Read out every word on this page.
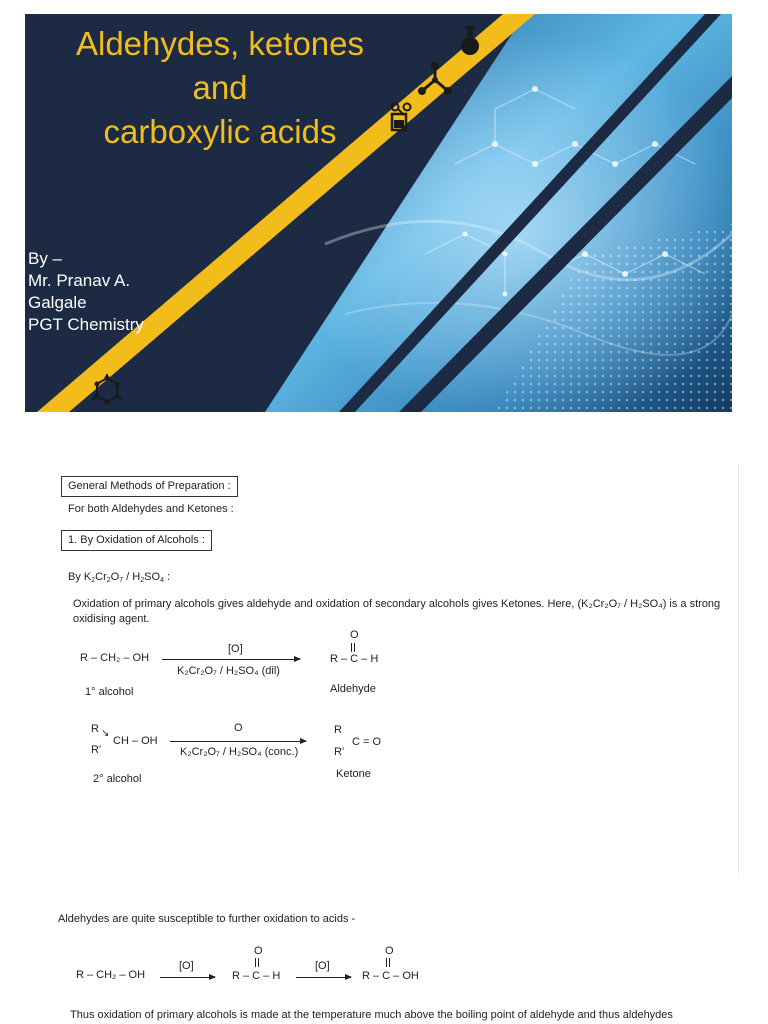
Aldehydes, ketones
and
carboxylic acids
By –
Mr. Pranav A.
Galgale
PGT Chemistry
General Methods of Preparation :
For both Aldehydes and Ketones :
1. By Oxidation of Alcohols :
By $K_2Cr_2O_7 / H_2SO_4$ :
Oxidation of primary alcohols gives aldehyde and oxidation of secondary alcohols gives Ketones. Here, (K₂Cr₂O₇ / H₂SO₄) is a strong oxidising agent.
R – CH₂ – OH
[O]
K₂Cr₂O₇ / H₂SO₄ (dil)
1° alcohol
O
R – C – H
Aldehyde
R ↘
R'
CH – OH
O
K₂Cr₂O₇ / H₂SO₄ (conc.)
2° alcohol
R
R'
C = O
Ketone
Aldehydes are quite susceptible to further oxidation to acids -
R – CH₂ – OH
[O]
O
R – C – H
[O]
O
R – C – OH
Thus oxidation of primary alcohols is made at the temperature much above the boiling point of aldehyde and thus aldehydes
